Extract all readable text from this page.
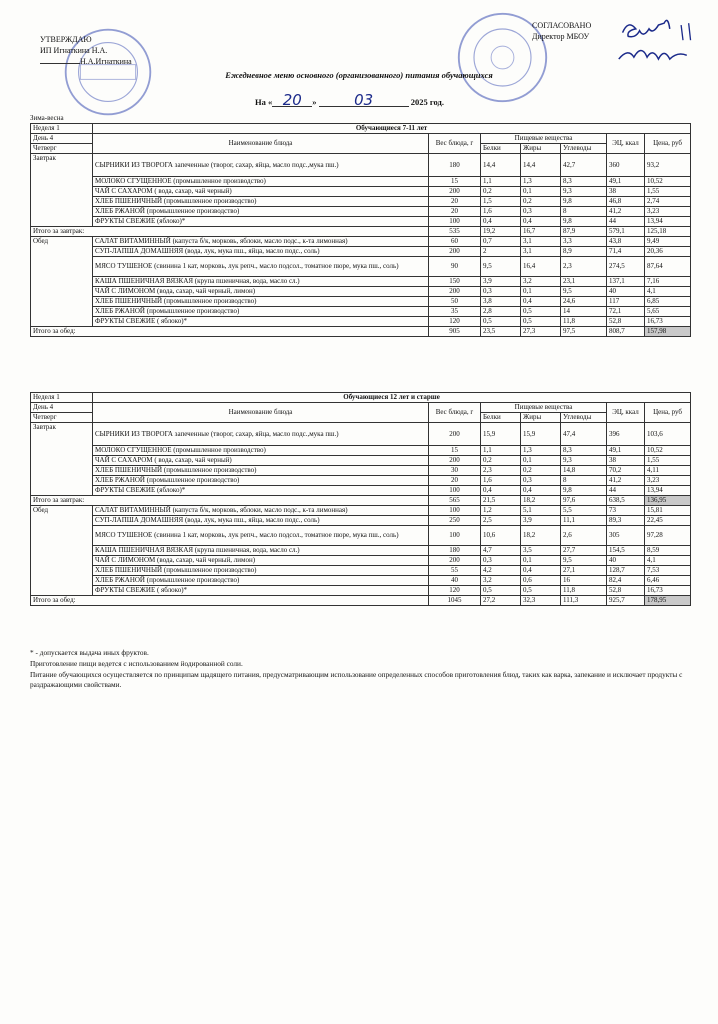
УТВЕРЖДАЮ
ИП Игнаткина Н.А.
Н.А.Игнаткина
СОГЛАСОВАНО
Директор МБОУ
Ежедневное меню основного (организованного) питания обучающихся
На « 20 »	03	2025 год.
Зима-весна
Неделя 1	Обучающиеся 7-11 лет						
День 4	Наименование блюда	Вес блюда, г	Пищевые вещества			ЭЦ, ккал	Цена, руб
Четверг			Белки	Жиры	Углеводы		
Завтрак	СЫРНИКИ ИЗ ТВОРОГА запеченные (творог, сахар, яйца, масло подс.,мука пш.)	180	14,4	14,4	42,7	360	93,2
	МОЛОКО СГУЩЕННОЕ (промышленное производство)	15	1,1	1,3	8,3	49,1	10,52
	ЧАЙ С САХАРОМ ( вода, сахар, чай черный)	200	0,2	0,1	9,3	38	1,55
	ХЛЕБ ПШЕНИЧНЫЙ (промышленное производство)	20	1,5	0,2	9,8	46,8	2,74
	ХЛЕБ РЖАНОЙ (промышленное производство)	20	1,6	0,3	8	41,2	3,23
	ФРУКТЫ СВЕЖИЕ (яблоко)*	100	0,4	0,4	9,8	44	13,94
Итого за завтрак:		535	19,2	16,7	87,9	579,1	125,18
Обед	САЛАТ ВИТАМИННЫЙ (капуста б/к, морковь, яблоки, масло подс., к-та лимонная)	60	0,7	3,1	3,3	43,8	9,49
	СУП-ЛАПША ДОМАШНЯЯ (вода, лук, мука пш., яйца, масло подс., соль)	200	2	3,1	8,9	71,4	20,36
	МЯСО ТУШЕНОЕ (свинина 1 кат, морковь, лук репч., масло подсол., томатное пюре, мука пш., соль)	90	9,5	16,4	2,3	274,5	87,64
	КАША ПШЕНИЧНАЯ ВЯЗКАЯ (крупа пшеничная, вода, масло сл.)	150	3,9	3,2	23,1	137,1	7,16
	ЧАЙ С ЛИМОНОМ (вода, сахар, чай черный, лимон)	200	0,3	0,1	9,5	40	4,1
	ХЛЕБ ПШЕНИЧНЫЙ (промышленное производство)	50	3,8	0,4	24,6	117	6,85
	ХЛЕБ РЖАНОЙ (промышленное производство)	35	2,8	0,5	14	72,1	5,65
	ФРУКТЫ СВЕЖИЕ ( яблоко)*	120	0,5	0,5	11,8	52,8	16,73
Итого за обед:		905	23,5	27,3	97,5	808,7	157,98
Неделя 1	Обучающиеся 12 лет и старше						
День 4	Наименование блюда	Вес блюда, г	Пищевые вещества			ЭЦ, ккал	Цена, руб
Четверг			Белки	Жиры	Углеводы		
Завтрак	СЫРНИКИ ИЗ ТВОРОГА запеченные (творог, сахар, яйца, масло подс.,мука пш.)	200	15,9	15,9	47,4	396	103,6
	МОЛОКО СГУЩЕННОЕ (промышленное производство)	15	1,1	1,3	8,3	49,1	10,52
	ЧАЙ С САХАРОМ ( вода, сахар, чай черный)	200	0,2	0,1	9,3	38	1,55
	ХЛЕБ ПШЕНИЧНЫЙ (промышленное производство)	30	2,3	0,2	14,8	70,2	4,11
	ХЛЕБ РЖАНОЙ (промышленное производство)	20	1,6	0,3	8	41,2	3,23
	ФРУКТЫ СВЕЖИЕ (яблоко)*	100	0,4	0,4	9,8	44	13,94
Итого за завтрак:		565	21,5	18,2	97,6	638,5	136,95
Обед	САЛАТ ВИТАМИННЫЙ (капуста б/к, морковь, яблоки, масло подс., к-та лимонная)	100	1,2	5,1	5,5	73	15,81
	СУП-ЛАПША ДОМАШНЯЯ (вода, лук, мука пш., яйца, масло подс., соль)	250	2,5	3,9	11,1	89,3	22,45
	МЯСО ТУШЕНОЕ (свинина 1 кат, морковь, лук репч., масло подсол., томатное пюре, мука пш., соль)	100	10,6	18,2	2,6	305	97,28
	КАША ПШЕНИЧНАЯ ВЯЗКАЯ (крупа пшеничная, вода, масло сл.)	180	4,7	3,5	27,7	154,5	8,59
	ЧАЙ С ЛИМОНОМ (вода, сахар, чай черный, лимон)	200	0,3	0,1	9,5	40	4,1
	ХЛЕБ ПШЕНИЧНЫЙ (промышленное производство)	55	4,2	0,4	27,1	128,7	7,53
	ХЛЕБ РЖАНОЙ (промышленное производство)	40	3,2	0,6	16	82,4	6,46
	ФРУКТЫ СВЕЖИЕ ( яблоко)*	120	0,5	0,5	11,8	52,8	16,73
Итого за обед:		1045	27,2	32,3	111,3	925,7	178,95

* - допускается выдача иных фруктов.

Приготовление пищи ведется с использованием йодированной соли.

Питание обучающихся осуществляется по принципам щадящего питания, предусматривающим использование определенных способов приготовления блюд, таких как варка, запекание и исключает продукты с раздражающими свойствами.
